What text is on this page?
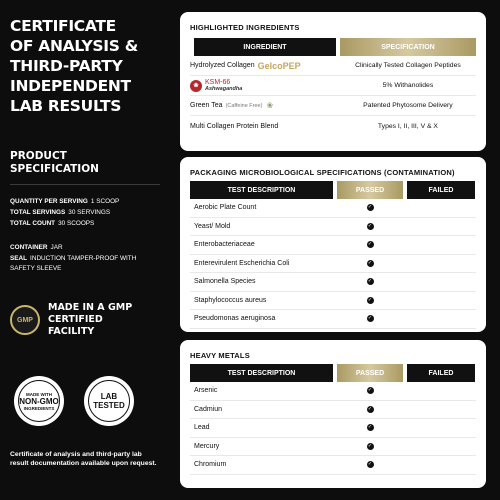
CERTIFICATE
OF ANALYSIS &
THIRD-PARTY
INDEPENDENT
LAB RESULTS
PRODUCT
SPECIFICATION
QUANTITY PER SERVING 1 SCOOP
TOTAL SERVINGS 30 SERVINGS
TOTAL COUNT 30 SCOOPS
CONTAINER JAR
SEAL INDUCTION TAMPER-PROOF WITH SAFETY SLEEVE
GMP
MADE IN A GMP
CERTIFIED
FACILITY
MADE WITH
NON-GMO
INGREDIENTS
LAB
TESTED
Certificate of analysis and third-party lab result documentation available upon request.
HIGHLIGHTED INGREDIENTS
INGREDIENT	SPECIFICATION
Hydrolyzed Collagen GelcoPEP	Clinically Tested Collagen Peptides
❀ KSM-66
Ashwagandha	5% Withanolides
Green Tea (Caffeine Free) ❀	Patented Phytosome Delivery
Multi Collagen Protein Blend	Types I, II, III, V & X
PACKAGING MICROBIOLOGICAL SPECIFICATIONS (CONTAMINATION)
TEST DESCRIPTION	PASSED	FAILED
Aerobic Plate Count	✓
Yeast/ Mold	✓
Enterobacteriaceae	✓
Enterevirulent Escherichia Coli	✓
Salmonella Species	✓
Staphylococcus aureus	✓
Pseudomonas aeruginosa	✓
HEAVY METALS
TEST DESCRIPTION	PASSED	FAILED
Arsenic	✓
Cadmiun	✓
Lead	✓
Mercury	✓
Chromium	✓
